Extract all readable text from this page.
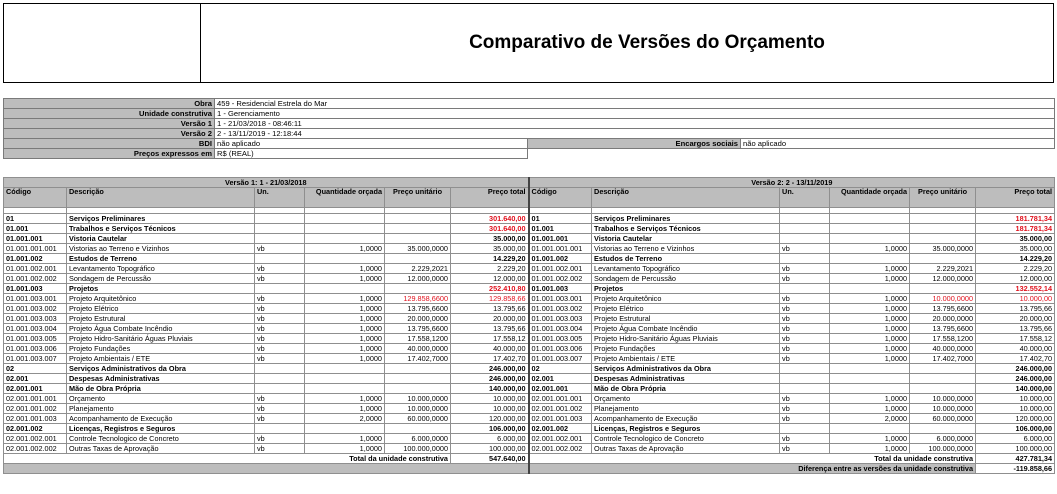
Comparativo de Versões do Orçamento
Obra	459 - Residencial Estrela do Mar		
Unidade construtiva	1 - Gerenciamento		
Versão 1	1 - 21/03/2018 - 08:46:11		
Versão 2	2 - 13/11/2019 - 12:18:44		
BDI	não aplicado	Encargos sociais	não aplicado
Preços expressos em	R$ (REAL)		
Versão 1: 1 - 21/03/2018						Versão 2: 2 - 13/11/2019					
Código	Descrição	Un.	Quantidade orçada	Preço unitário	Preço total	Código	Descrição	Un.	Quantidade orçada	Preço unitário	Preço total

01	Serviços Preliminares				301.640,00	01	Serviços Preliminares				181.781,34
01.001	Trabalhos e Serviços Técnicos				301.640,00	01.001	Trabalhos e Serviços Técnicos				181.781,34
01.001.001	Vistoria Cautelar				35.000,00	01.001.001	Vistoria Cautelar				35.000,00
01.001.001.001	Vistorias ao Terreno e Vizinhos	vb	1,0000	35.000,0000	35.000,00	01.001.001.001	Vistorias ao Terreno e Vizinhos	vb	1,0000	35.000,0000	35.000,00
01.001.002	Estudos de Terreno				14.229,20	01.001.002	Estudos de Terreno				14.229,20
01.001.002.001	Levantamento Topográfico	vb	1,0000	2.229,2021	2.229,20	01.001.002.001	Levantamento Topográfico	vb	1,0000	2.229,2021	2.229,20
01.001.002.002	Sondagem de Percussão	vb	1,0000	12.000,0000	12.000,00	01.001.002.002	Sondagem de Percussão	vb	1,0000	12.000,0000	12.000,00
01.001.003	Projetos				252.410,80	01.001.003	Projetos				132.552,14
01.001.003.001	Projeto Arquitetônico	vb	1,0000	129.858,6600	129.858,66	01.001.003.001	Projeto Arquitetônico	vb	1,0000	10.000,0000	10.000,00
01.001.003.002	Projeto Elétrico	vb	1,0000	13.795,6600	13.795,66	01.001.003.002	Projeto Elétrico	vb	1,0000	13.795,6600	13.795,66
01.001.003.003	Projeto Estrutural	vb	1,0000	20.000,0000	20.000,00	01.001.003.003	Projeto Estrutural	vb	1,0000	20.000,0000	20.000,00
01.001.003.004	Projeto Água Combate Incêndio	vb	1,0000	13.795,6600	13.795,66	01.001.003.004	Projeto Água Combate Incêndio	vb	1,0000	13.795,6600	13.795,66
01.001.003.005	Projeto Hidro-Sanitário Águas Pluviais	vb	1,0000	17.558,1200	17.558,12	01.001.003.005	Projeto Hidro-Sanitário Águas Pluviais	vb	1,0000	17.558,1200	17.558,12
01.001.003.006	Projeto Fundações	vb	1,0000	40.000,0000	40.000,00	01.001.003.006	Projeto Fundações	vb	1,0000	40.000,0000	40.000,00
01.001.003.007	Projeto Ambientais / ETE	vb	1,0000	17.402,7000	17.402,70	01.001.003.007	Projeto Ambientais / ETE	vb	1,0000	17.402,7000	17.402,70
02	Serviços Administrativos da Obra				246.000,00	02	Serviços Administrativos da Obra				246.000,00
02.001	Despesas Administrativas				246.000,00	02.001	Despesas Administrativas				246.000,00
02.001.001	Mão de Obra Própria				140.000,00	02.001.001	Mão de Obra Própria				140.000,00
02.001.001.001	Orçamento	vb	1,0000	10.000,0000	10.000,00	02.001.001.001	Orçamento	vb	1,0000	10.000,0000	10.000,00
02.001.001.002	Planejamento	vb	1,0000	10.000,0000	10.000,00	02.001.001.002	Planejamento	vb	1,0000	10.000,0000	10.000,00
02.001.001.003	Acompanhamento de Execução	vb	2,0000	60.000,0000	120.000,00	02.001.001.003	Acompanhamento de Execução	vb	2,0000	60.000,0000	120.000,00
02.001.002	Licenças, Registros e Seguros				106.000,00	02.001.002	Licenças, Registros e Seguros				106.000,00
02.001.002.001	Controle Tecnologico de Concreto	vb	1,0000	6.000,0000	6.000,00	02.001.002.001	Controle Tecnologico de Concreto	vb	1,0000	6.000,0000	6.000,00
02.001.002.002	Outras Taxas de Aprovação	vb	1,0000	100.000,0000	100.000,00	02.001.002.002	Outras Taxas de Aprovação	vb	1,0000	100.000,0000	100.000,00
Total da unidade construtiva					547.640,00	Total da unidade construtiva					427.781,34
						Diferença entre as versões da unidade construtiva					-119.858,66
